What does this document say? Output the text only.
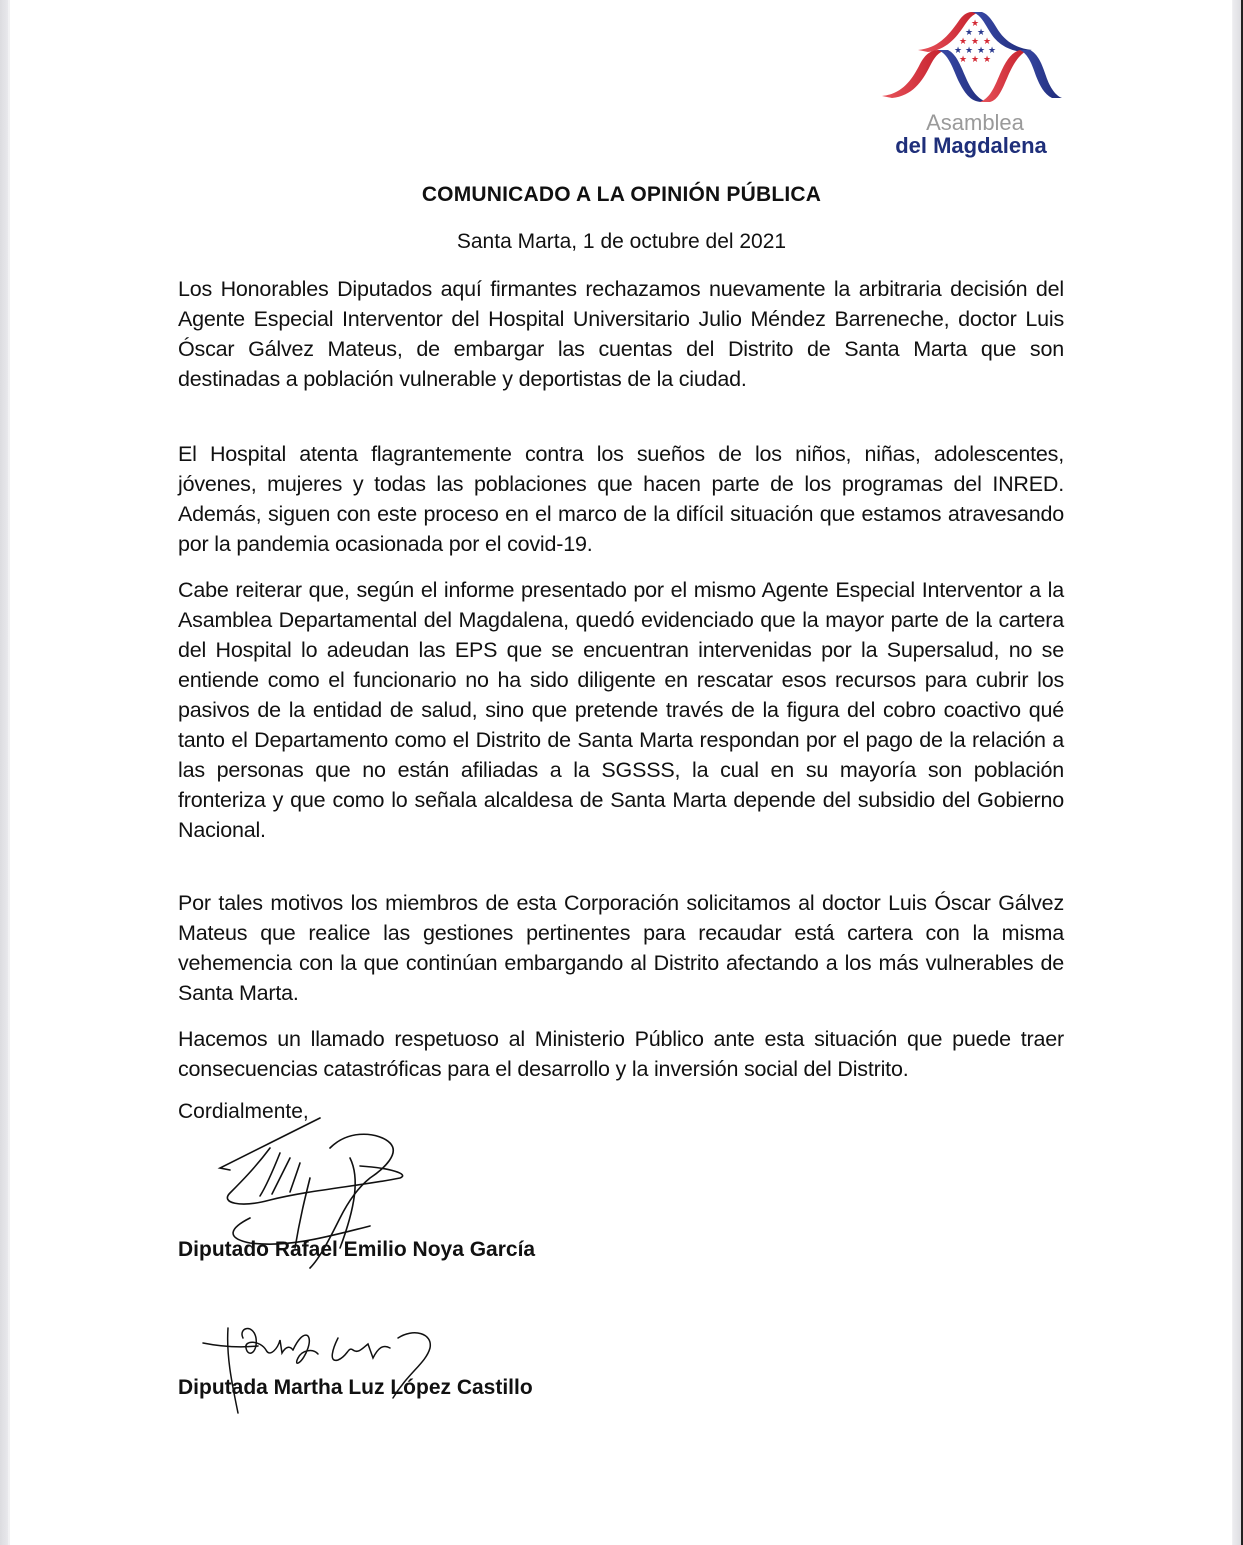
★
★ ★
★ ★ ★
★ ★ ★ ★
★ ★ ★
Asamblea
del Magdalena
COMUNICADO A LA OPINIÓN PÚBLICA
Santa Marta, 1 de octubre del 2021

Los Honorables Diputados aquí firmantes rechazamos nuevamente la arbitraria decisión del Agente Especial Interventor del Hospital Universitario Julio Méndez Barreneche, doctor Luis Óscar Gálvez Mateus, de embargar las cuentas del Distrito de Santa Marta que son destinadas a población vulnerable y deportistas de la ciudad.

El Hospital atenta flagrantemente contra los sueños de los niños, niñas, adolescentes, jóvenes, mujeres y todas las poblaciones que hacen parte de los programas del INRED. Además, siguen con este proceso en el marco de la difícil situación que estamos atravesando por la pandemia ocasionada por el covid-19.

Cabe reiterar que, según el informe presentado por el mismo Agente Especial Interventor a la Asamblea Departamental del Magdalena, quedó evidenciado que la mayor parte de la cartera del Hospital lo adeudan las EPS que se encuentran intervenidas por la Supersalud, no se entiende como el funcionario no ha sido diligente en rescatar esos recursos para cubrir los pasivos de la entidad de salud, sino que pretende través de la figura del cobro coactivo qué tanto el Departamento como el Distrito de Santa Marta respondan por el pago de la relación a las personas que no están afiliadas a la SGSSS, la cual en su mayoría son población fronteriza y que como lo señala alcaldesa de Santa Marta depende del subsidio del Gobierno Nacional.

Por tales motivos los miembros de esta Corporación solicitamos al doctor Luis Óscar Gálvez Mateus que realice las gestiones pertinentes para recaudar está cartera con la misma vehemencia con la que continúan embargando al Distrito afectando a los más vulnerables de Santa Marta.

Hacemos un llamado respetuoso al Ministerio Público ante esta situación que puede traer consecuencias catastróficas para el desarrollo y la inversión social del Distrito.

Cordialmente,
Diputado Rafael Emilio Noya García
Diputada Martha Luz López Castillo
